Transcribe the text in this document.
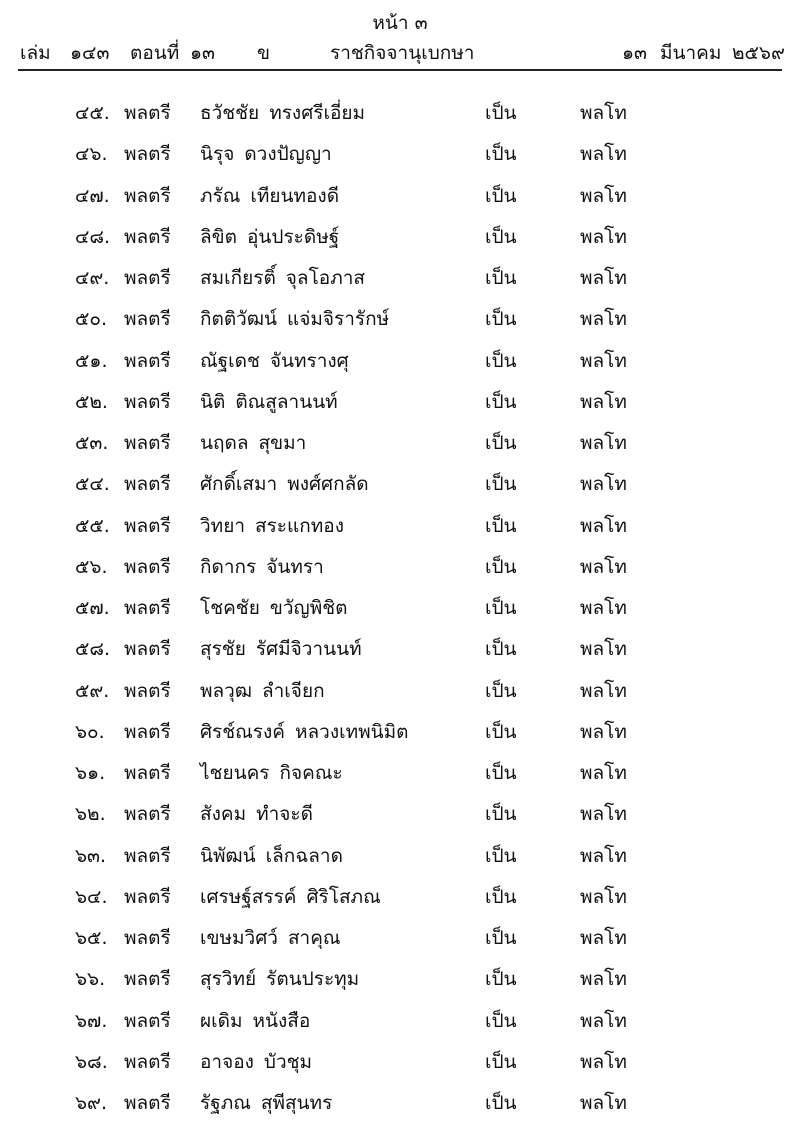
หน้า ๓
เล่ม ๑๔๓ ตอนที่ ๑๓ ข	ราชกิจจานุเบกษา	๑๓ มีนาคม ๒๕๖๙
๔๕. พลตรี ธวัชชัย ทรงศรีเอี่ยม	เป็น	พลโท
๔๖. พลตรี นิรุจ ดวงปัญญา	เป็น	พลโท
๔๗. พลตรี ภรัณ เทียนทองดี	เป็น	พลโท
๔๘. พลตรี ลิขิต อุ่นประดิษฐ์	เป็น	พลโท
๔๙. พลตรี สมเกียรติ์ จุลโอภาส	เป็น	พลโท
๕๐. พลตรี กิตติวัฒน์ แจ่มจิรารักษ์	เป็น	พลโท
๕๑. พลตรี ณัฐเดช จันทรางศุ	เป็น	พลโท
๕๒. พลตรี นิติ ติณสูลานนท์	เป็น	พลโท
๕๓. พลตรี นฤดล สุขมา	เป็น	พลโท
๕๔. พลตรี ศักดิ์เสมา พงศ์ศกลัด	เป็น	พลโท
๕๕. พลตรี วิทยา สระแกทอง	เป็น	พลโท
๕๖. พลตรี กิดากร จันทรา	เป็น	พลโท
๕๗. พลตรี โชคชัย ขวัญพิชิต	เป็น	พลโท
๕๘. พลตรี สุรชัย รัศมีจิวานนท์	เป็น	พลโท
๕๙. พลตรี พลวุฒ ลำเจียก	เป็น	พลโท
๖๐. พลตรี ศิรช์ณรงค์ หลวงเทพนิมิต	เป็น	พลโท
๖๑. พลตรี ไชยนคร กิจคณะ	เป็น	พลโท
๖๒. พลตรี สังคม ทำจะดี	เป็น	พลโท
๖๓. พลตรี นิพัฒน์ เล็กฉลาด	เป็น	พลโท
๖๔. พลตรี เศรษฐ์สรรค์ ศิริโสภณ	เป็น	พลโท
๖๕. พลตรี เขษมวิศว์ สาคุณ	เป็น	พลโท
๖๖. พลตรี สุรวิทย์ รัตนประทุม	เป็น	พลโท
๖๗. พลตรี ผเดิม หนังสือ	เป็น	พลโท
๖๘. พลตรี อาจอง บัวชุม	เป็น	พลโท
๖๙. พลตรี รัฐภณ สุพีสุนทร	เป็น	พลโท
